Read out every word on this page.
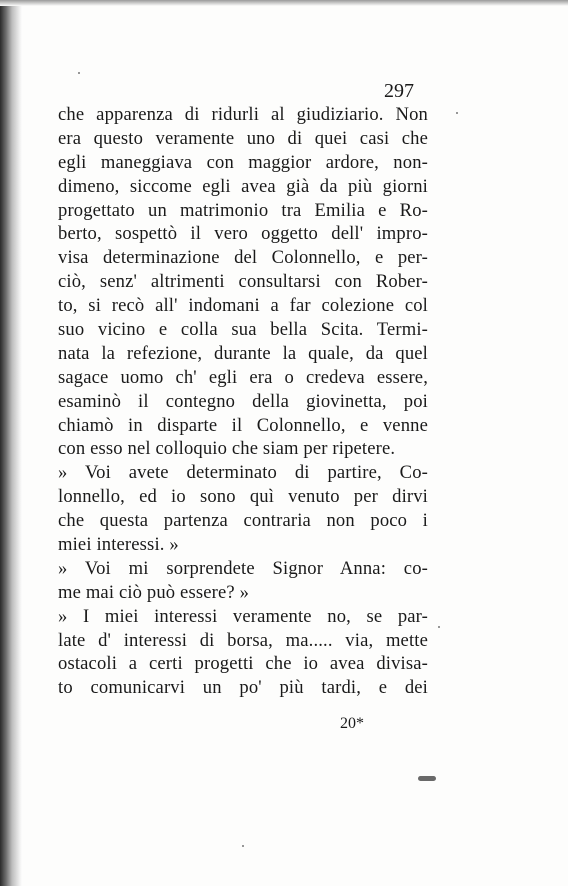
297
che apparenza di ridurli al giudiziario. Non
era questo veramente uno di quei casi che
egli maneggiava con maggior ardore, non-
dimeno, siccome egli avea già da più giorni
progettato un matrimonio tra Emilia e Ro-
berto, sospettò il vero oggetto dell' impro-
visa determinazione del Colonnello, e per-
ciò, senz' altrimenti consultarsi con Rober-
to, si recò all' indomani a far colezione col
suo vicino e colla sua bella Scita. Termi-
nata la refezione, durante la quale, da quel
sagace uomo ch' egli era o credeva essere,
esaminò il contegno della giovinetta, poi
chiamò in disparte il Colonnello, e venne
con esso nel colloquio che siam per ripetere.
» Voi avete determinato di partire, Co-
lonnello, ed io sono quì venuto per dirvi
che questa partenza contraria non poco i
miei interessi. »
» Voi mi sorprendete Signor Anna: co-
me mai ciò può essere? »
» I miei interessi veramente no, se par-
late d' interessi di borsa, ma..... via, mette
ostacoli a certi progetti che io avea divisa-
to comunicarvi un po' più tardi, e dei
20*
